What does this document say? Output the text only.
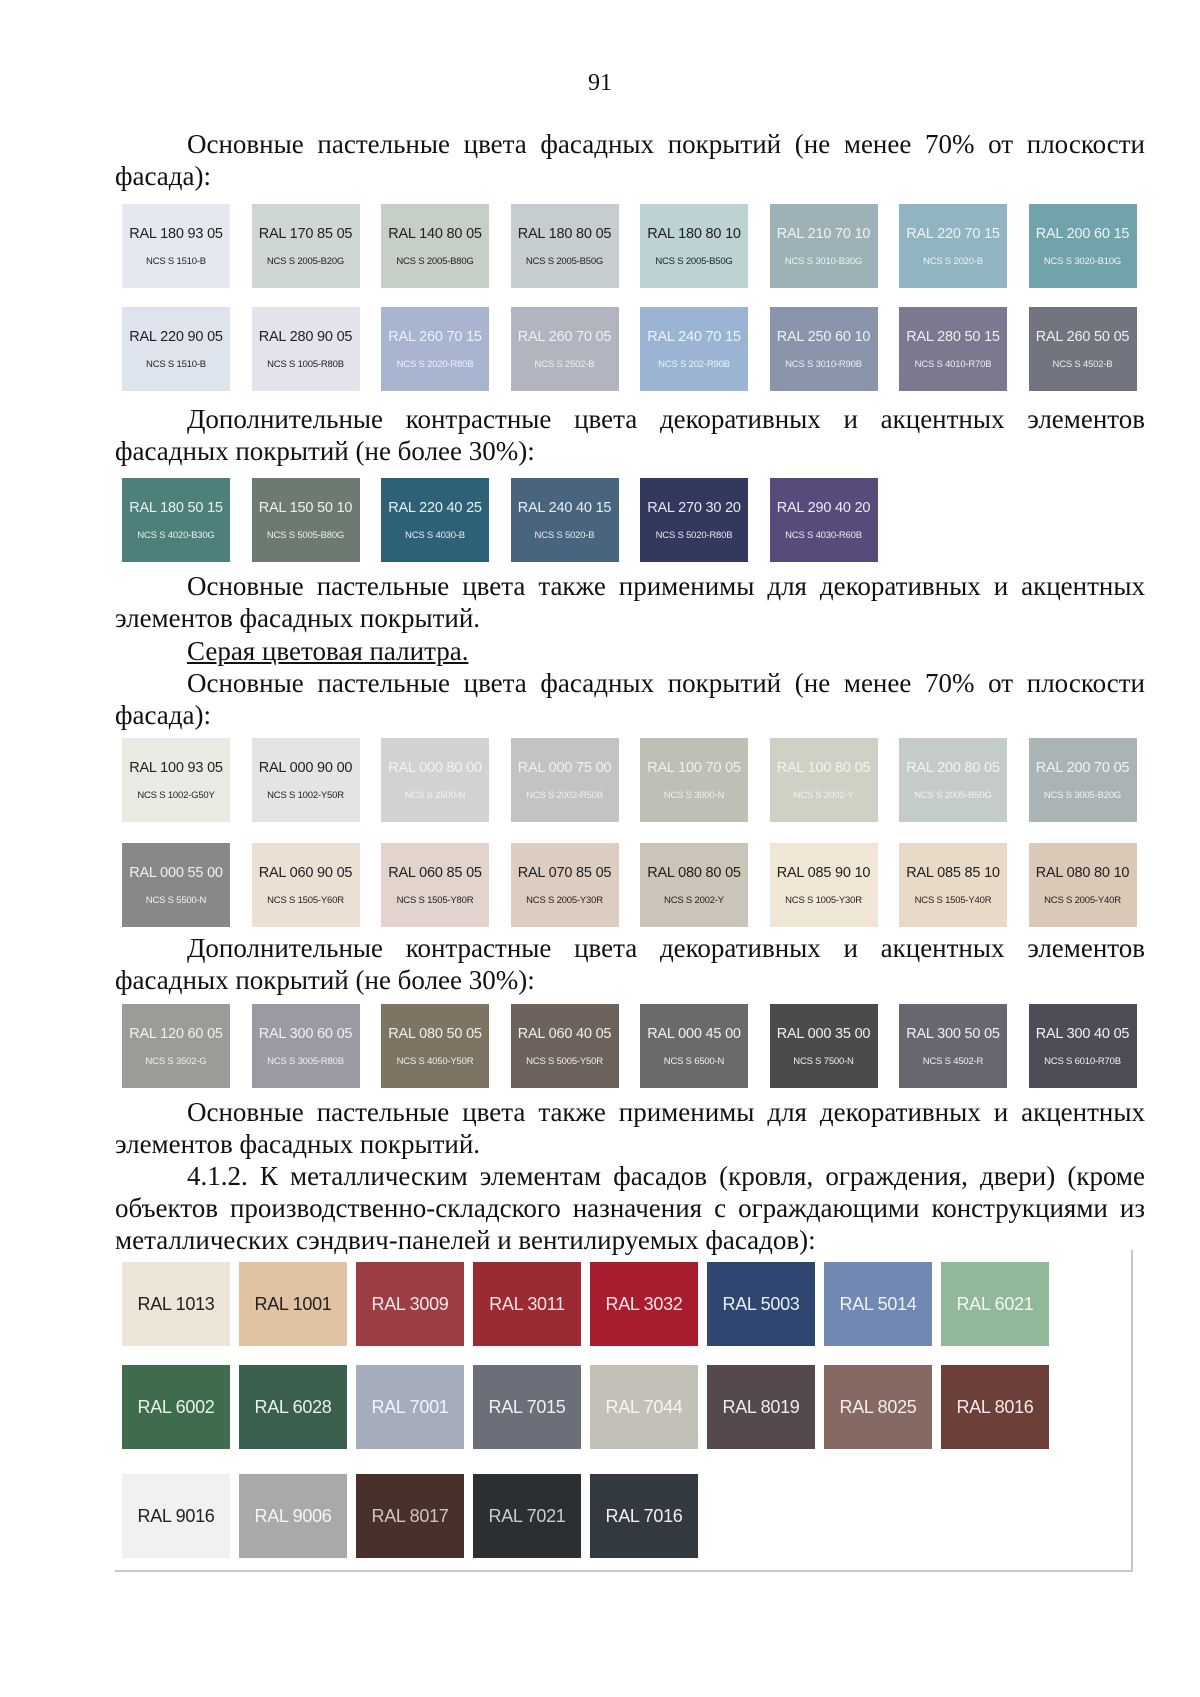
91
Основные пастельные цвета фасадных покрытий (не менее 70% от плоскости фасада):
RAL 180 93 05
NCS S 1510-B
RAL 170 85 05
NCS S 2005-B20G
RAL 140 80 05
NCS S 2005-B80G
RAL 180 80 05
NCS S 2005-B50G
RAL 180 80 10
NCS S 2005-B50G
RAL 210 70 10
NCS S 3010-B30G
RAL 220 70 15
NCS S 2020-B
RAL 200 60 15
NCS S 3020-B10G
RAL 220 90 05
NCS S 1510-B
RAL 280 90 05
NCS S 1005-R80B
RAL 260 70 15
NCS S 2020-R80B
RAL 260 70 05
NCS S 2502-B
RAL 240 70 15
NCS S 202-R90B
RAL 250 60 10
NCS S 3010-R90B
RAL 280 50 15
NCS S 4010-R70B
RAL 260 50 05
NCS S 4502-B
Дополнительные контрастные цвета декоративных и акцентных элементов фасадных покрытий (не более 30%):
RAL 180 50 15
NCS S 4020-B30G
RAL 150 50 10
NCS S 5005-B80G
RAL 220 40 25
NCS S 4030-B
RAL 240 40 15
NCS S 5020-B
RAL 270 30 20
NCS S 5020-R80B
RAL 290 40 20
NCS S 4030-R60B
Основные пастельные цвета также применимы для декоративных и акцентных элементов фасадных покрытий.
Серая цветовая палитра.
Основные пастельные цвета фасадных покрытий (не менее 70% от плоскости фасада):
RAL 100 93 05
NCS S 1002-G50Y
RAL 000 90 00
NCS S 1002-Y50R
RAL 000 80 00
NCS S 2500-N
RAL 000 75 00
NCS S 2002-R50B
RAL 100 70 05
NCS S 3000-N
RAL 100 80 05
NCS S 2002-Y
RAL 200 80 05
NCS S 2005-B50G
RAL 200 70 05
NCS S 3005-B20G
RAL 000 55 00
NCS S 5500-N
RAL 060 90 05
NCS S 1505-Y60R
RAL 060 85 05
NCS S 1505-Y80R
RAL 070 85 05
NCS S 2005-Y30R
RAL 080 80 05
NCS S 2002-Y
RAL 085 90 10
NCS S 1005-Y30R
RAL 085 85 10
NCS S 1505-Y40R
RAL 080 80 10
NCS S 2005-Y40R
Дополнительные контрастные цвета декоративных и акцентных элементов фасадных покрытий (не более 30%):
RAL 120 60 05
NCS S 3502-G
RAL 300 60 05
NCS S 3005-R80B
RAL 080 50 05
NCS S 4050-Y50R
RAL 060 40 05
NCS S 5005-Y50R
RAL 000 45 00
NCS S 6500-N
RAL 000 35 00
NCS S 7500-N
RAL 300 50 05
NCS S 4502-R
RAL 300 40 05
NCS S 6010-R70B
Основные пастельные цвета также применимы для декоративных и акцентных элементов фасадных покрытий.
4.1.2. К металлическим элементам фасадов (кровля, ограждения, двери) (кроме объектов производственно-складского назначения с ограждающими конструкциями из металлических сэндвич-панелей и вентилируемых фасадов):
RAL 1013	RAL 1001	RAL 3009	RAL 3011	RAL 3032	RAL 5003	RAL 5014	RAL 6021
RAL 6002	RAL 6028	RAL 7001	RAL 7015	RAL 7044	RAL 8019	RAL 8025	RAL 8016
RAL 9016	RAL 9006	RAL 8017	RAL 7021	RAL 7016
